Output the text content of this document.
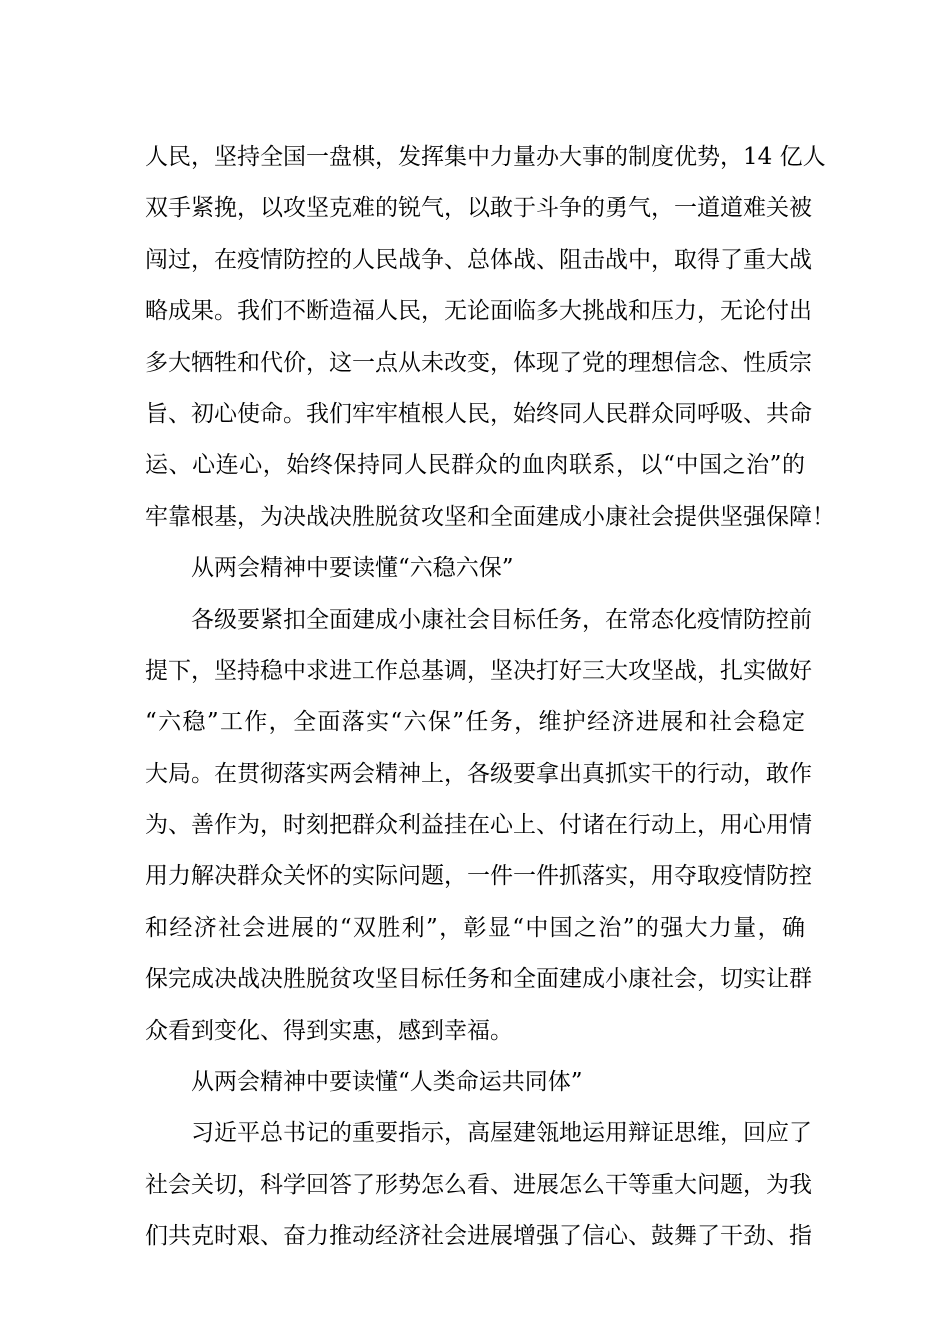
人民，坚持全国一盘棋，发挥集中力量办大事的制度优势，14 亿人
双手紧挽，以攻坚克难的锐气，以敢于斗争的勇气，一道道难关被
闯过，在疫情防控的人民战争、总体战、阻击战中，取得了重大战
略成果。我们不断造福人民，无论面临多大挑战和压力，无论付出
多大牺牲和代价，这一点从未改变，体现了党的理想信念、性质宗
旨、初心使命。我们牢牢植根人民，始终同人民群众同呼吸、共命
运、心连心，始终保持同人民群众的血肉联系，以“中国之治”的
牢靠根基，为决战决胜脱贫攻坚和全面建成小康社会提供坚强保障！
从两会精神中要读懂“六稳六保”
各级要紧扣全面建成小康社会目标任务，在常态化疫情防控前
提下，坚持稳中求进工作总基调，坚决打好三大攻坚战，扎实做好
“六稳”工作，全面落实“六保”任务，维护经济进展和社会稳定
大局。在贯彻落实两会精神上，各级要拿出真抓实干的行动，敢作
为、善作为，时刻把群众利益挂在心上、付诸在行动上，用心用情
用力解决群众关怀的实际问题，一件一件抓落实，用夺取疫情防控
和经济社会进展的“双胜利”，彰显“中国之治”的强大力量，确
保完成决战决胜脱贫攻坚目标任务和全面建成小康社会，切实让群
众看到变化、得到实惠，感到幸福。
从两会精神中要读懂“人类命运共同体”
习近平总书记的重要指示，高屋建瓴地运用辩证思维，回应了
社会关切，科学回答了形势怎么看、进展怎么干等重大问题，为我
们共克时艰、奋力推动经济社会进展增强了信心、鼓舞了干劲、指
